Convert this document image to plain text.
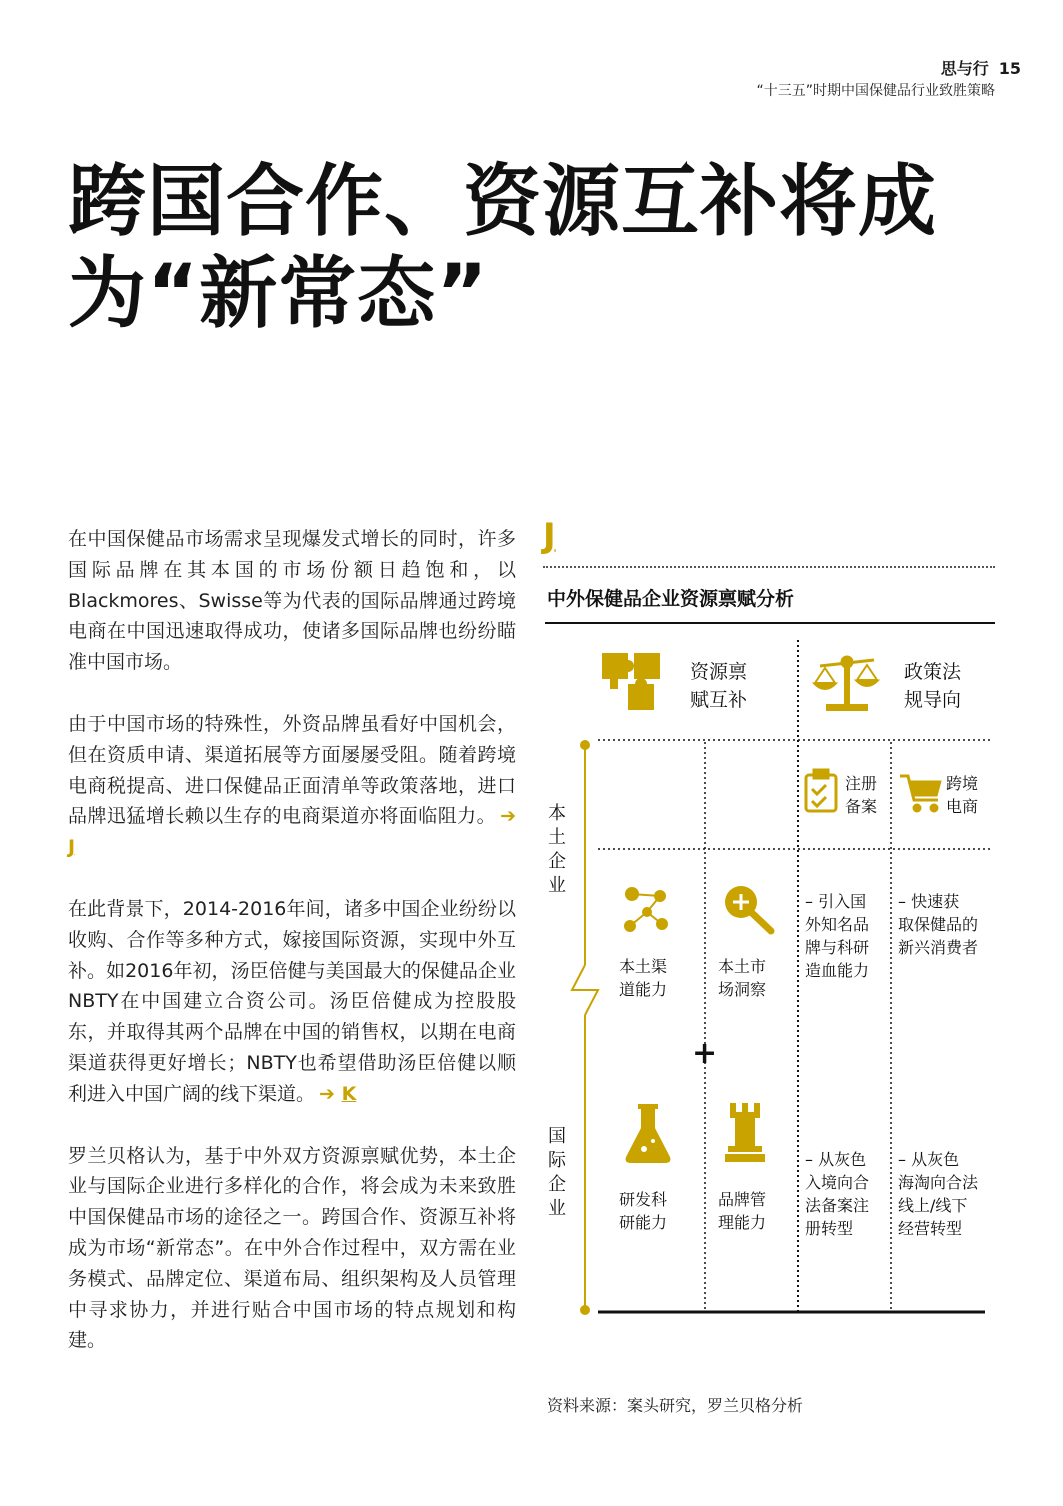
思与行 15
“十三五”时期中国保健品行业致胜策略
跨国合作、资源互补将成
为“新常态”

在中国保健品市场需求呈现爆发式增长的同时，许多国际品牌在其本国的市场份额日趋饱和，以Blackmores、Swisse等为代表的国际品牌通过跨境电商在中国迅速取得成功，使诸多国际品牌也纷纷瞄准中国市场。

由于中国市场的特殊性，外资品牌虽看好中国机会，但在资质申请、渠道拓展等方面屡屡受阻。随着跨境电商税提高、进口保健品正面清单等政策落地，进口品牌迅猛增长赖以生存的电商渠道亦将面临阻力。 ➔ J

在此背景下，2014-2016年间，诸多中国企业纷纷以收购、合作等多种方式，嫁接国际资源，实现中外互补。如2016年初，汤臣倍健与美国最大的保健品企业NBTY在中国建立合资公司。汤臣倍健成为控股股东，并取得其两个品牌在中国的销售权，以期在电商渠道获得更好增长；NBTY也希望借助汤臣倍健以顺利进入中国广阔的线下渠道。 ➔ K

罗兰贝格认为，基于中外双方资源禀赋优势，本土企业与国际企业进行多样化的合作，将会成为未来致胜中国保健品市场的途径之一。跨国合作、资源互补将成为市场“新常态”。在中外合作过程中，双方需在业务模式、品牌定位、渠道布局、组织架构及人员管理中寻求协力，并进行贴合中国市场的特点规划和构建。

J
中外保健品企业资源禀赋分析
资源禀
赋互补
政策法
规导向
注册
备案
跨境
电商
本土企业
国际企业
本土渠
道能力
本土市
场洞察
– 引入国
外知名品
牌与科研
造血能力
– 快速获
取保健品的
新兴消费者
+
研发科
研能力
品牌管
理能力
– 从灰色
入境向合
法备案注
册转型
– 从灰色
海淘向合法
线上/线下
经营转型
资料来源：案头研究，罗兰贝格分析
